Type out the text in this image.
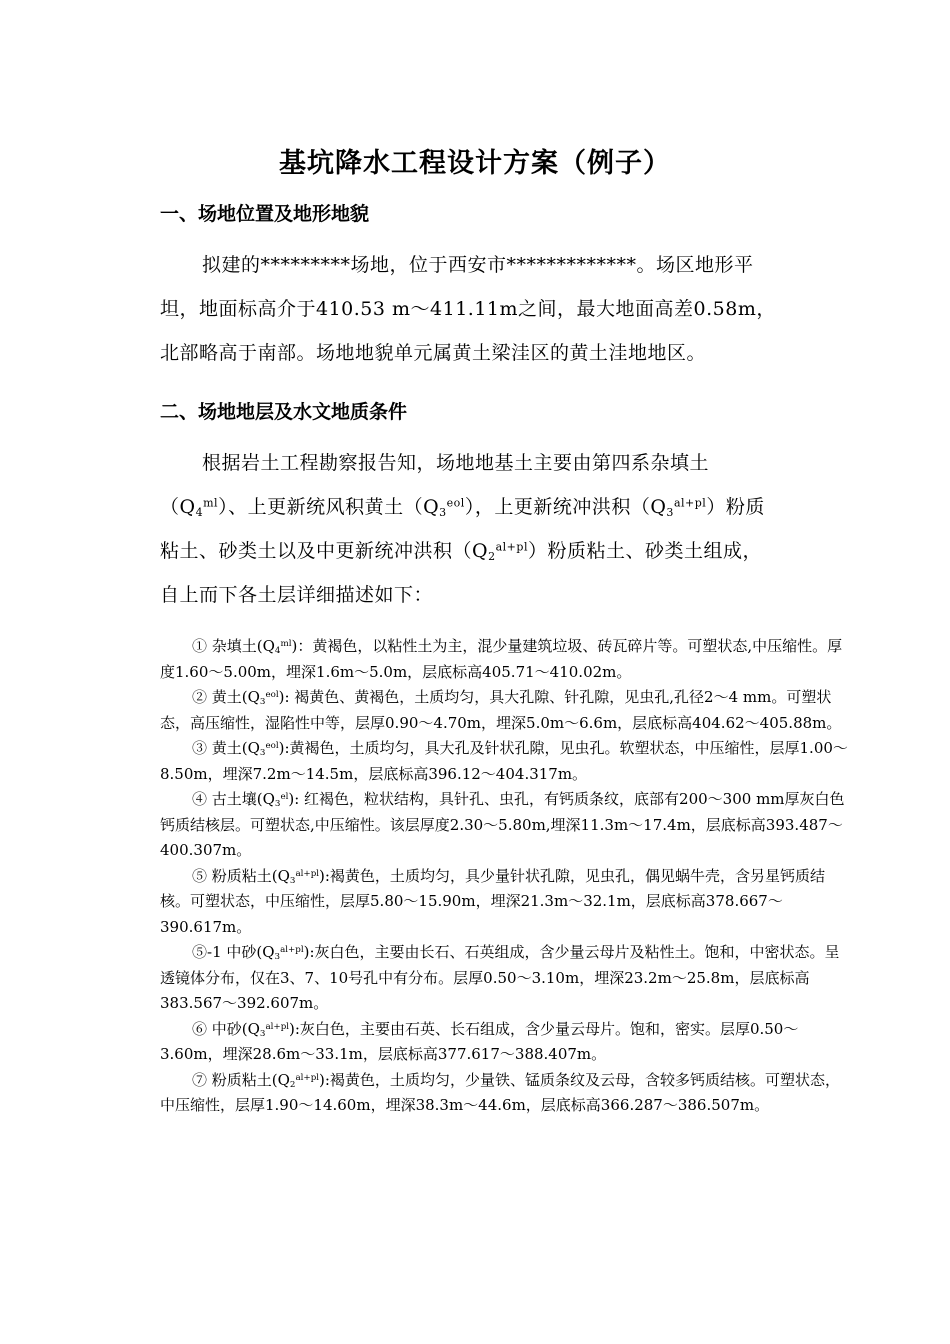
基坑降水工程设计方案（例子）
一、场地位置及地形地貌

拟建的*********场地，位于西安市*************。场区地形平

坦，地面标高介于410.53 m～411.11m之间，最大地面高差0.58m，

北部略高于南部。场地地貌单元属黄土梁洼区的黄土洼地地区。

二、场地地层及水文地质条件

根据岩土工程勘察报告知，场地地基土主要由第四系杂填土

$(Q_4^{ml})$、上更新统风积黄土$(Q_3^{eol})$，上更新统冲洪积$(Q_3^{al+pl})$粉质

粘土、砂类土以及中更新统冲洪积$(Q_2^{al+pl})$粉质粘土、砂类土组成，

自上而下各土层详细描述如下：

① 杂填土$(Q_4^{ml})$：黄褐色，以粘性土为主，混少量建筑垃圾、砖瓦碎片等。可塑状态,中压缩性。厚度1.60～5.00m，埋深1.6m～5.0m，层底标高405.71～410.02m。

② 黄土$(Q_3^{eol})$: 褐黄色、黄褐色，土质均匀，具大孔隙、针孔隙，见虫孔,孔径2～4 mm。可塑状态，高压缩性，湿陷性中等，层厚0.90～4.70m，埋深5.0m～6.6m，层底标高404.62～405.88m。

③ 黄土$(Q_3^{eol})$:黄褐色，土质均匀，具大孔及针状孔隙，见虫孔。软塑状态，中压缩性，层厚1.00～8.50m，埋深7.2m～14.5m，层底标高396.12～404.317m。

④ 古土壤$(Q_3^{el})$: 红褐色，粒状结构，具针孔、虫孔，有钙质条纹，底部有200～300 mm厚灰白色钙质结核层。可塑状态,中压缩性。该层厚度2.30～5.80m,埋深11.3m～17.4m，层底标高393.487～400.307m。

⑤ 粉质粘土$(Q_3^{al+pl})$:褐黄色，土质均匀，具少量针状孔隙，见虫孔，偶见蜗牛壳，含另星钙质结核。可塑状态，中压缩性，层厚5.80～15.90m，埋深21.3m～32.1m，层底标高378.667～390.617m。

⑤-1 中砂$(Q_3^{al+pl})$:灰白色，主要由长石、石英组成，含少量云母片及粘性土。饱和，中密状态。呈透镜体分布，仅在3、7、10号孔中有分布。层厚0.50～3.10m，埋深23.2m～25.8m，层底标高383.567～392.607m。

⑥ 中砂$(Q_3^{al+pl})$:灰白色，主要由石英、长石组成，含少量云母片。饱和，密实。层厚0.50～3.60m，埋深28.6m～33.1m，层底标高377.617～388.407m。

⑦ 粉质粘土$(Q_2^{al+pl})$:褐黄色，土质均匀，少量铁、锰质条纹及云母，含较多钙质结核。可塑状态，中压缩性，层厚1.90～14.60m，埋深38.3m～44.6m，层底标高366.287～386.507m。
